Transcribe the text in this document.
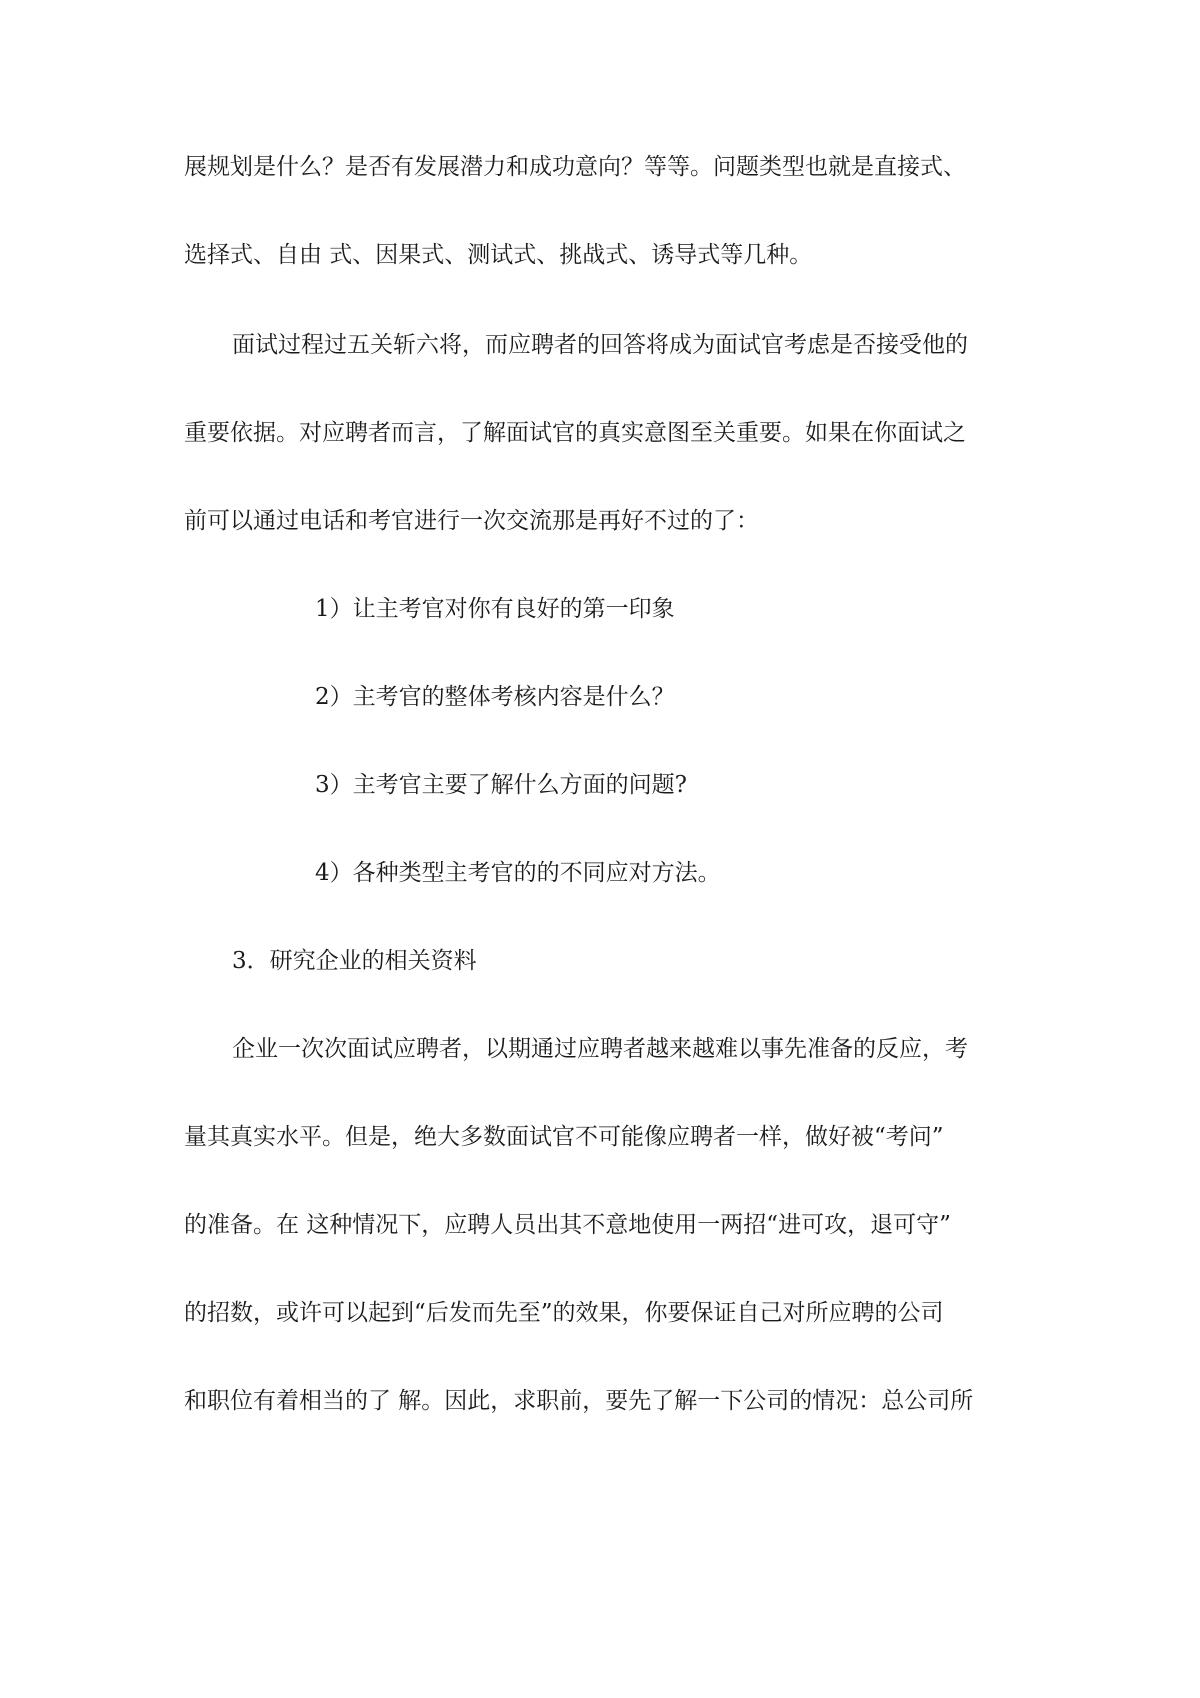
展规划是什么？是否有发展潜力和成功意向？等等。问题类型也就是直接式、
选择式、自由 式、因果式、测试式、挑战式、诱导式等几种。
面试过程过五关斩六将，而应聘者的回答将成为面试官考虑是否接受他的
重要依据。对应聘者而言，了解面试官的真实意图至关重要。如果在你面试之
前可以通过电话和考官进行一次交流那是再好不过的了：
1）让主考官对你有良好的第一印象
2）主考官的整体考核内容是什么？
3）主考官主要了解什么方面的问题?
4）各种类型主考官的的不同应对方法。
3．研究企业的相关资料
企业一次次面试应聘者，以期通过应聘者越来越难以事先准备的反应，考
量其真实水平。但是，绝大多数面试官不可能像应聘者一样，做好被“考问”
的准备。在 这种情况下，应聘人员出其不意地使用一两招“进可攻，退可守”
的招数，或许可以起到“后发而先至”的效果，你要保证自己对所应聘的公司
和职位有着相当的了 解。因此，求职前，要先了解一下公司的情况：总公司所
